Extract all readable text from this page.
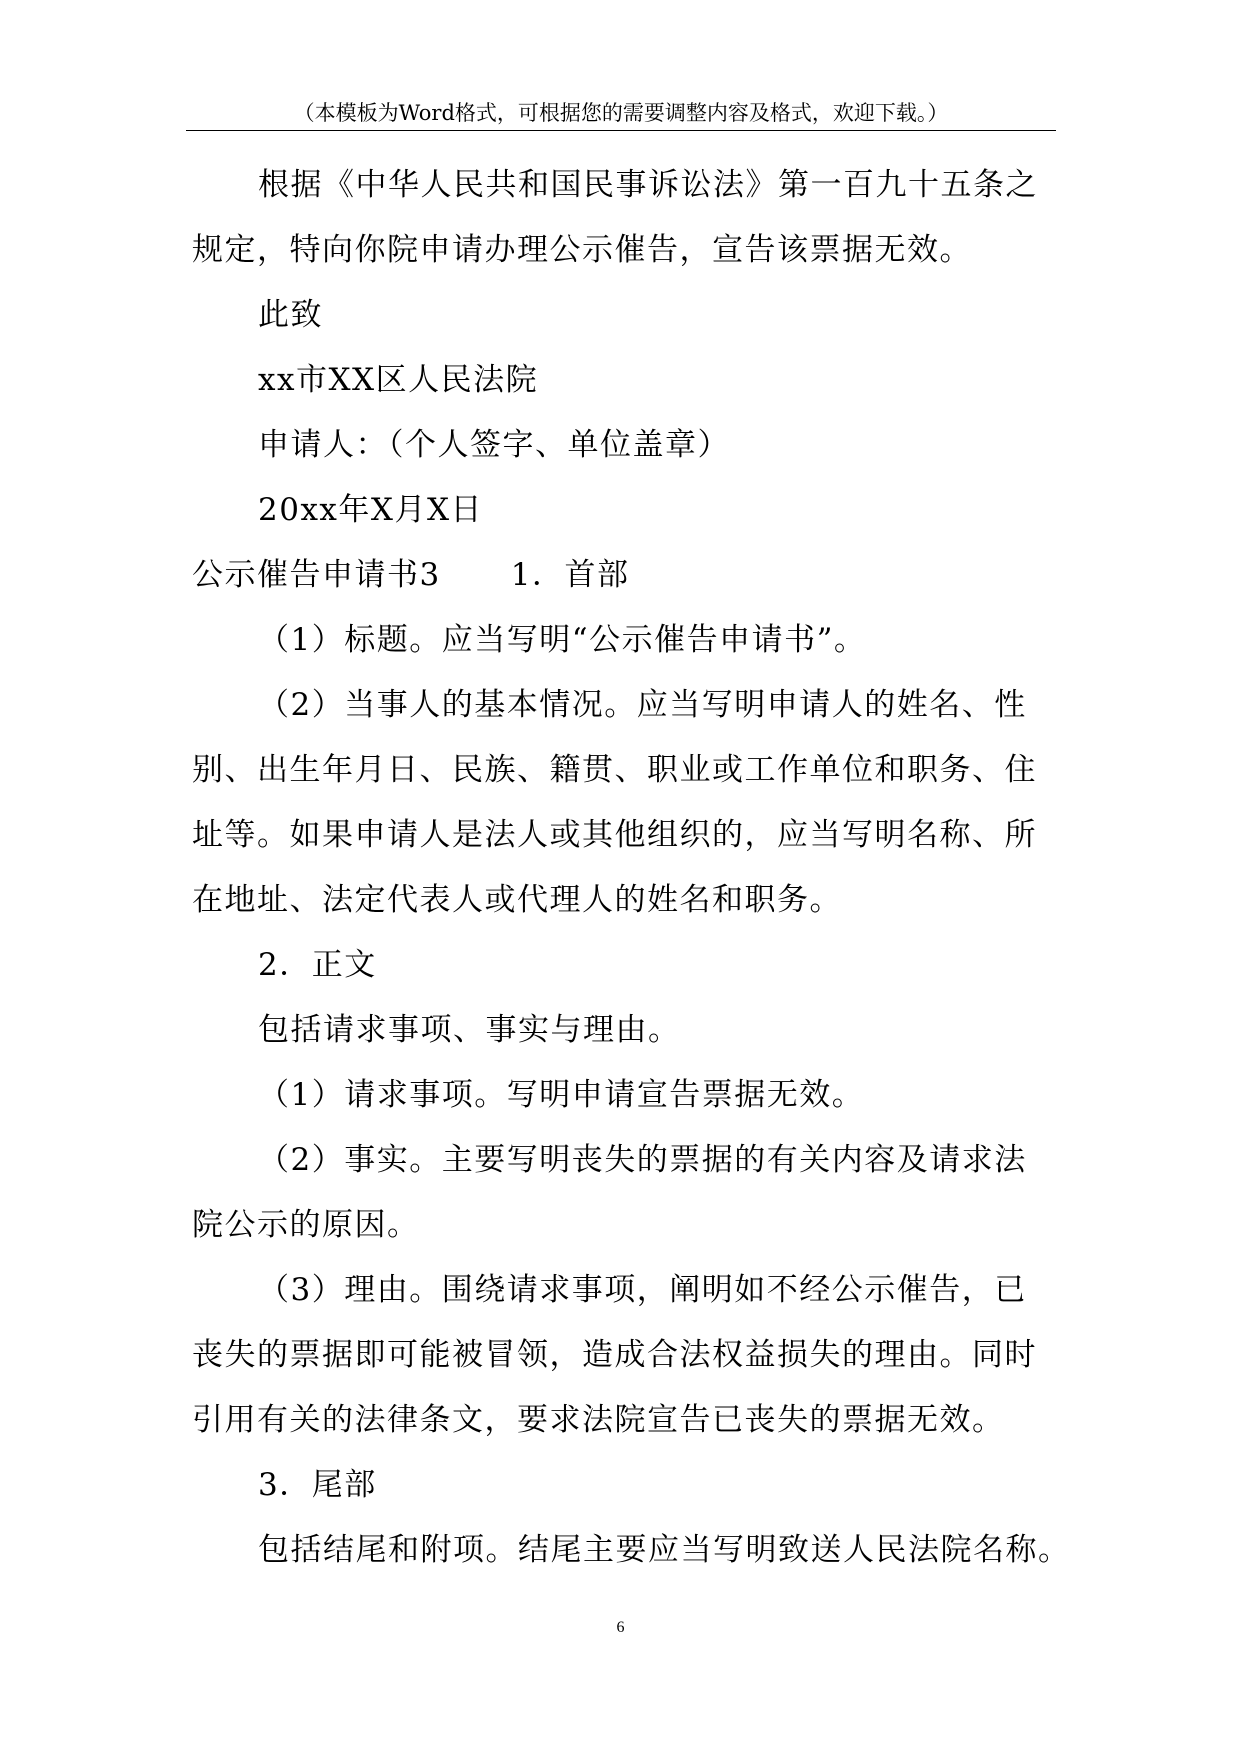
（本模板为Word格式，可根据您的需要调整内容及格式，欢迎下载。）

根据《中华人民共和国民事诉讼法》第一百九十五条之

规定，特向你院申请办理公示催告，宣告该票据无效。

此致

xx市XX区人民法院

申请人：（个人签字、单位盖章）

20xx年X月X日

公示催告申请书3 1．首部

（1）标题。应当写明“公示催告申请书”。

（2）当事人的基本情况。应当写明申请人的姓名、性

别、出生年月日、民族、籍贯、职业或工作单位和职务、住

址等。如果申请人是法人或其他组织的，应当写明名称、所

在地址、法定代表人或代理人的姓名和职务。

2．正文

包括请求事项、事实与理由。

（1）请求事项。写明申请宣告票据无效。

（2）事实。主要写明丧失的票据的有关内容及请求法

院公示的原因。

（3）理由。围绕请求事项，阐明如不经公示催告，已

丧失的票据即可能被冒领，造成合法权益损失的理由。同时

引用有关的法律条文，要求法院宣告已丧失的票据无效。

3．尾部

包括结尾和附项。结尾主要应当写明致送人民法院名称。

6
